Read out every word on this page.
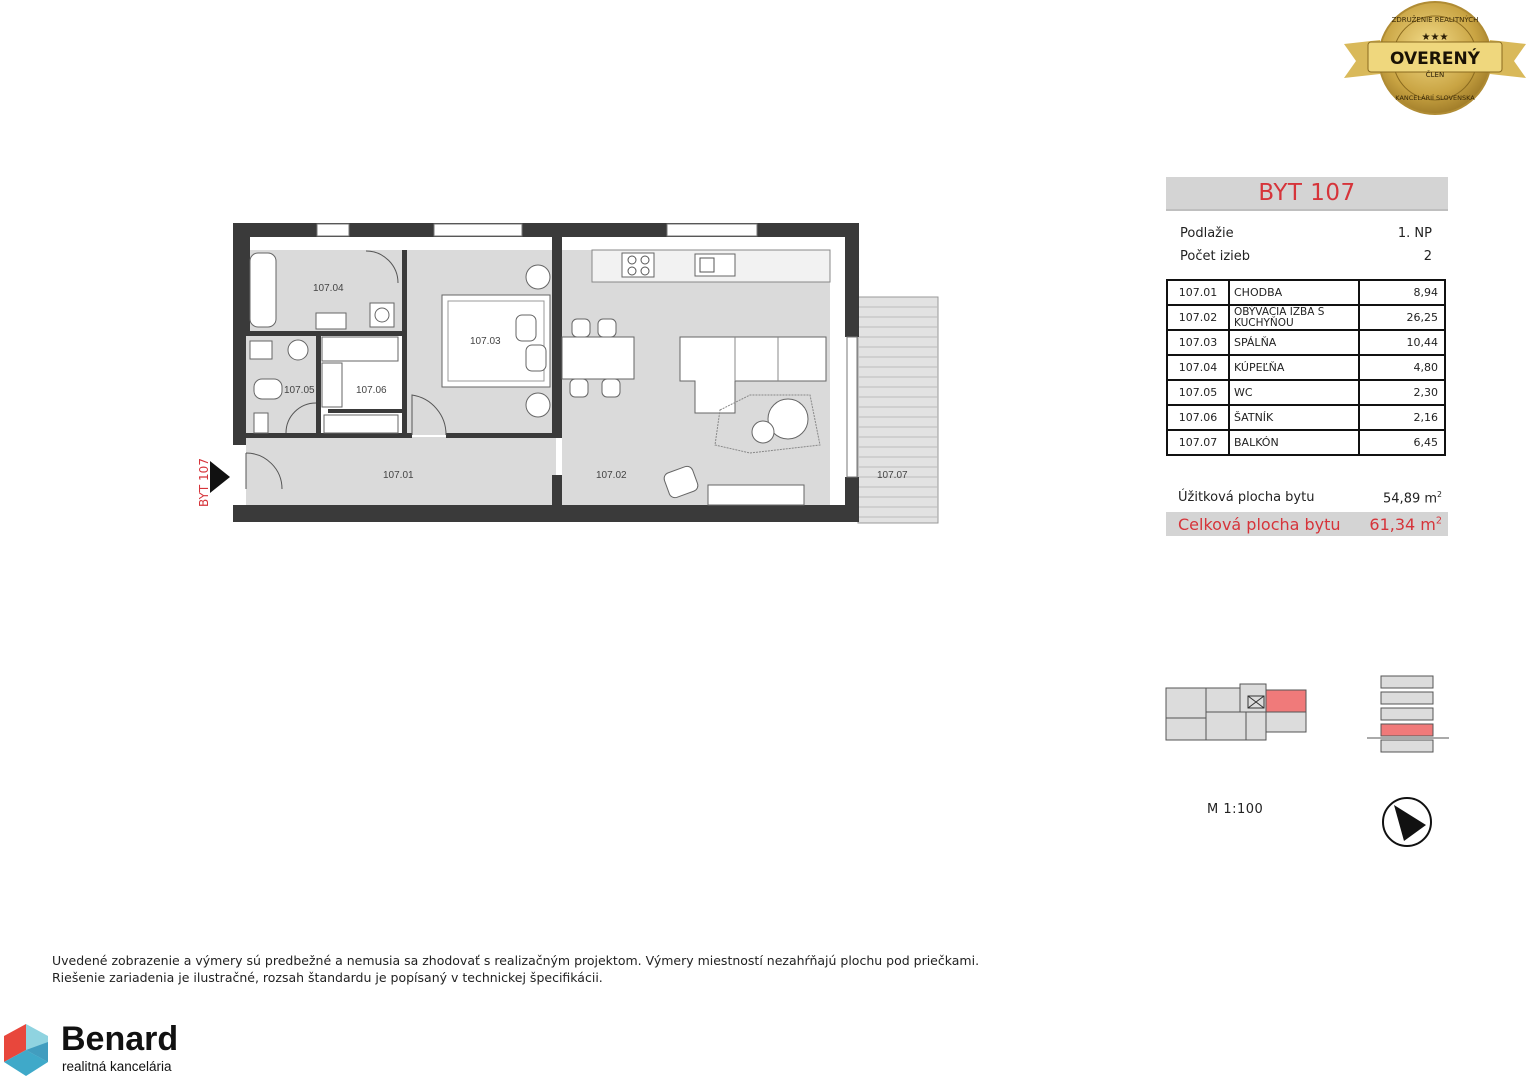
ZDRUŽENIE REALITNÝCH
★★★
OVERENÝ
ČLEN
KANCELÁRIÍ SLOVENSKA
BYT 107
107.04
107.03
107.05	107.06
107.01	107.02	107.07
BYT 107
Podlažie	1. NP
Počet izieb	2
107.01	CHODBA	8,94
107.02	OBÝVACIA IZBA S KUCHYŇOU	26,25
107.03	SPÁLŇA	10,44
107.04	KÚPEĽŇA	4,80
107.05	WC	2,30
107.06	ŠATNÍK	2,16
107.07	BALKÓN	6,45
Úžitková plocha bytu	54,89 $m^2$
Celková plocha bytu 61,34 $m^2$
M 1:100
Uvedené zobrazenie a výmery sú predbežné a nemusia sa zhodovať s realizačným projektom. Výmery miestností nezahŕňajú plochu pod priečkami.
Riešenie zariadenia je ilustračné, rozsah štandardu je popísaný v technickej špecifikácii.
Benard
realitná kancelária
